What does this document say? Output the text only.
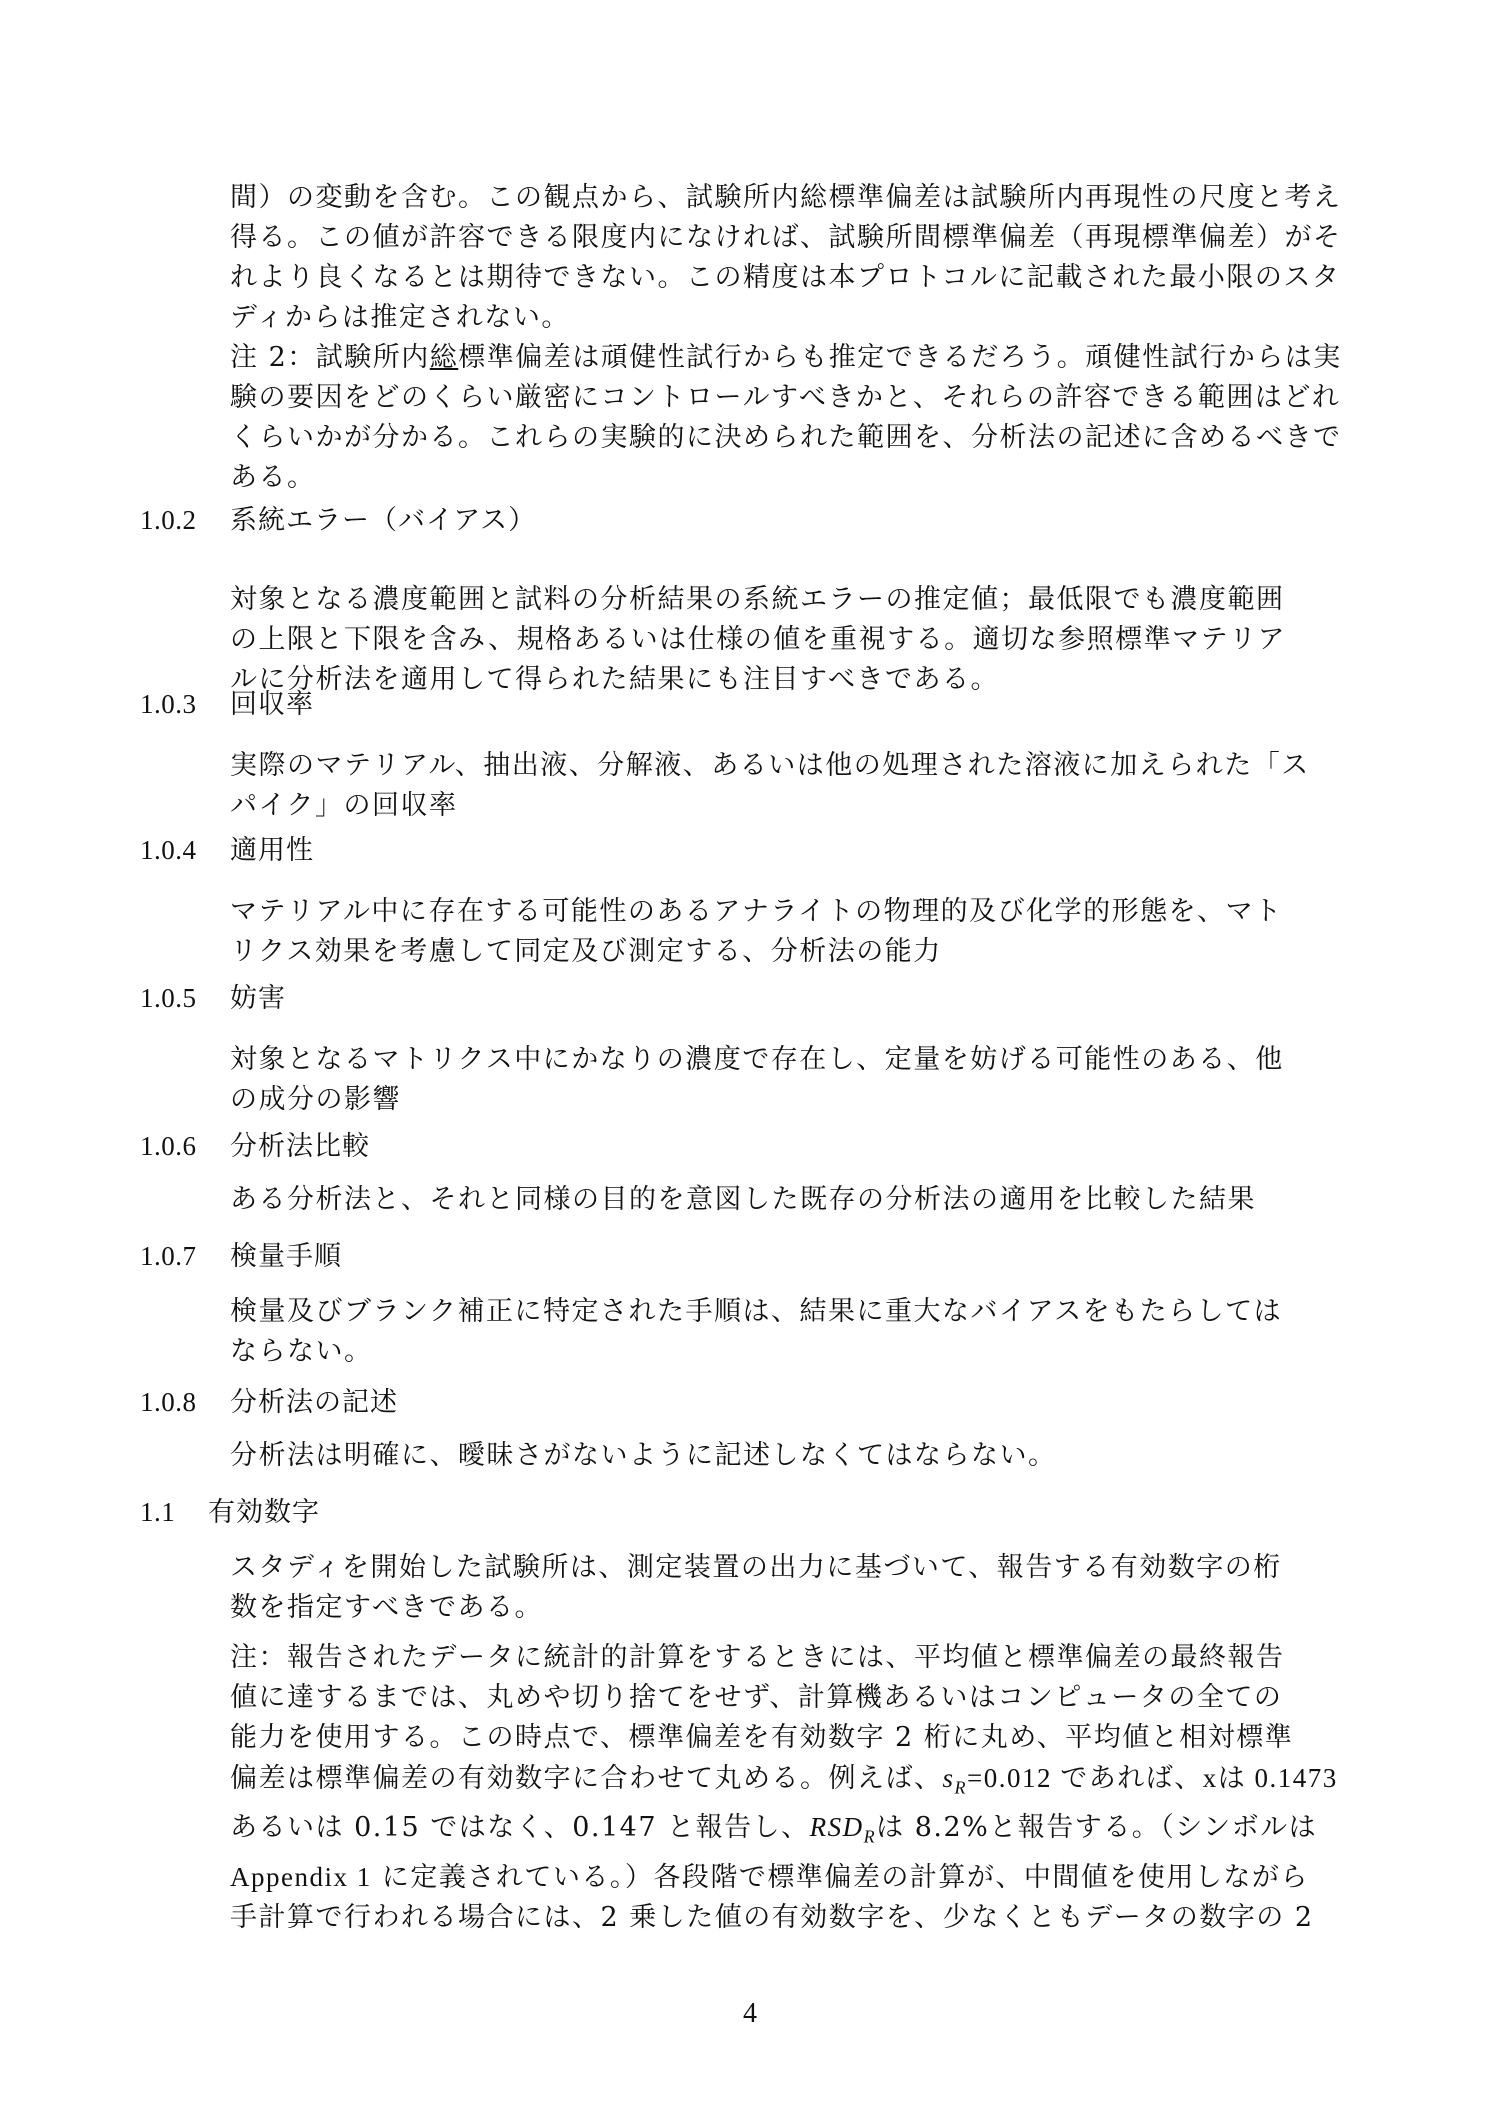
間）の変動を含む。この観点から、試験所内総標準偏差は試験所内再現性の尺度と考え
得る。この値が許容できる限度内になければ、試験所間標準偏差（再現標準偏差）がそ
れより良くなるとは期待できない。この精度は本プロトコルに記載された最小限のスタ
ディからは推定されない。
注 2：試験所内総標準偏差は頑健性試行からも推定できるだろう。頑健性試行からは実
験の要因をどのくらい厳密にコントロールすべきかと、それらの許容できる範囲はどれ
くらいかが分かる。これらの実験的に決められた範囲を、分析法の記述に含めるべきで
ある。
1.0.2 系統エラー（バイアス）
対象となる濃度範囲と試料の分析結果の系統エラーの推定値；最低限でも濃度範囲
の上限と下限を含み、規格あるいは仕様の値を重視する。適切な参照標準マテリア
ルに分析法を適用して得られた結果にも注目すべきである。
1.0.3 回収率
実際のマテリアル、抽出液、分解液、あるいは他の処理された溶液に加えられた「ス
パイク」の回収率
1.0.4 適用性
マテリアル中に存在する可能性のあるアナライトの物理的及び化学的形態を、マト
リクス効果を考慮して同定及び測定する、分析法の能力
1.0.5 妨害
対象となるマトリクス中にかなりの濃度で存在し、定量を妨げる可能性のある、他
の成分の影響
1.0.6 分析法比較
ある分析法と、それと同様の目的を意図した既存の分析法の適用を比較した結果
1.0.7 検量手順
検量及びブランク補正に特定された手順は、結果に重大なバイアスをもたらしては
ならない。
1.0.8 分析法の記述
分析法は明確に、曖昧さがないように記述しなくてはならない。
1.1 有効数字
スタディを開始した試験所は、測定装置の出力に基づいて、報告する有効数字の桁
数を指定すべきである。
注：報告されたデータに統計的計算をするときには、平均値と標準偏差の最終報告
値に達するまでは、丸めや切り捨てをせず、計算機あるいはコンピュータの全ての
能力を使用する。この時点で、標準偏差を有効数字 2 桁に丸め、平均値と相対標準
偏差は標準偏差の有効数字に合わせて丸める。例えば、$s_R=0.012$ であれば、xは 0.1473
あるいは 0.15 ではなく、0.147 と報告し、$RSD_R$は 8.2%と報告する。（シンボルは
Appendix 1 に定義されている。）各段階で標準偏差の計算が、中間値を使用しながら
手計算で行われる場合には、2 乗した値の有効数字を、少なくともデータの数字の 2
4
